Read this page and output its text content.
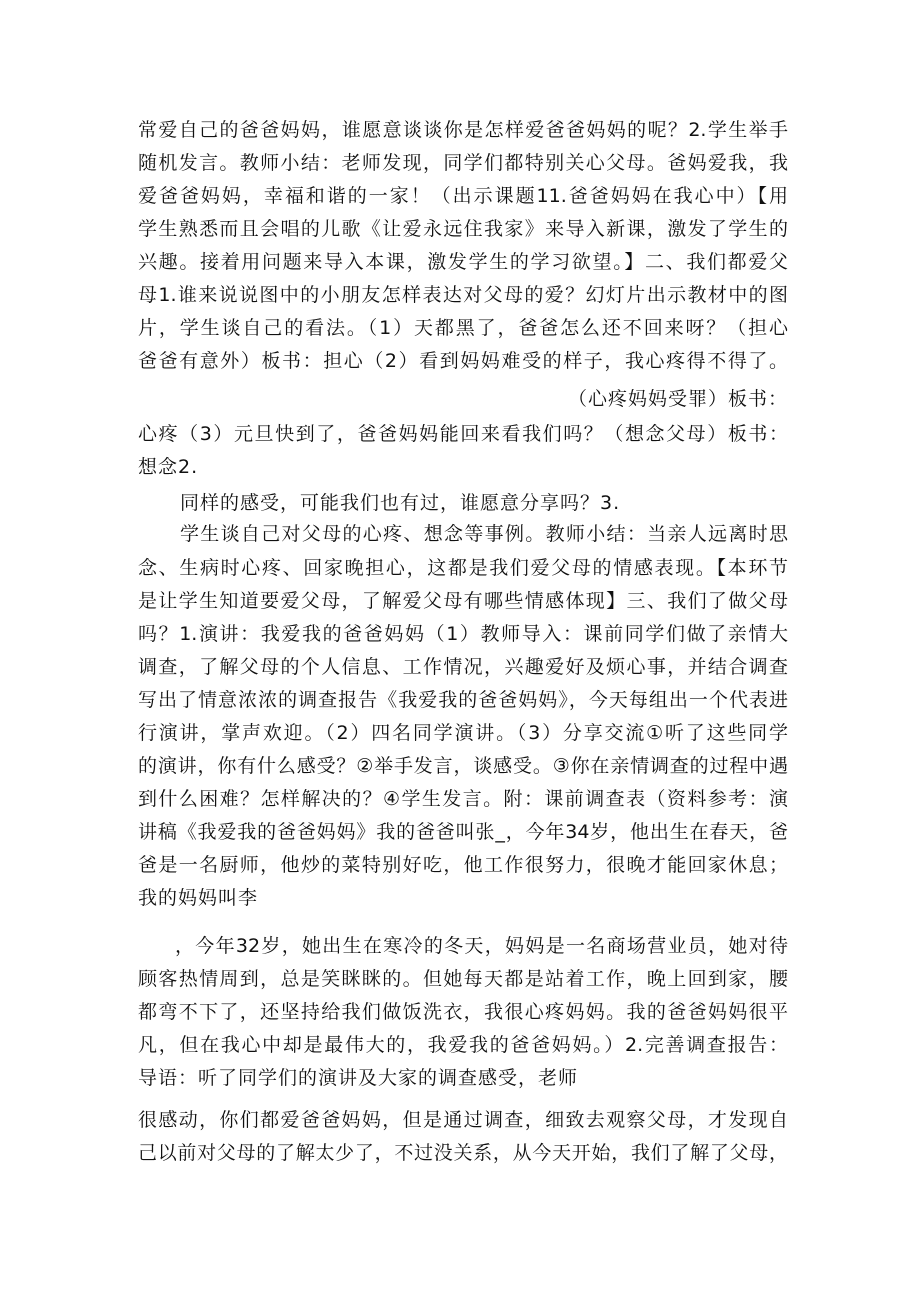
常爱自己的爸爸妈妈，谁愿意谈谈你是怎样爱爸爸妈妈的呢？2.学生举手
随机发言。教师小结：老师发现，同学们都特别关心父母。爸妈爱我，我
爱爸爸妈妈，幸福和谐的一家！（出示课题11.爸爸妈妈在我心中）【用
学生熟悉而且会唱的儿歌《让爱永远住我家》来导入新课，激发了学生的
兴趣。接着用问题来导入本课，激发学生的学习欲望。】二、我们都爱父
母1.谁来说说图中的小朋友怎样表达对父母的爱？幻灯片出示教材中的图
片，学生谈自己的看法。（1）天都黑了，爸爸怎么还不回来呀？（担心
爸爸有意外）板书：担心（2）看到妈妈难受的样子，我心疼得不得了。
（心疼妈妈受罪）板书：
心疼（3）元旦快到了，爸爸妈妈能回来看我们吗？（想念父母）板书：
想念2.
同样的感受，可能我们也有过，谁愿意分享吗？3.
学生谈自己对父母的心疼、想念等事例。教师小结：当亲人远离时思
念、生病时心疼、回家晚担心，这都是我们爱父母的情感表现。【本环节
是让学生知道要爱父母，了解爱父母有哪些情感体现】三、我们了做父母
吗？1.演讲：我爱我的爸爸妈妈（1）教师导入：课前同学们做了亲情大
调查，了解父母的个人信息、工作情况，兴趣爱好及烦心事，并结合调查
写出了情意浓浓的调查报告《我爱我的爸爸妈妈》，今天每组出一个代表进
行演讲，掌声欢迎。（2）四名同学演讲。（3）分享交流①听了这些同学
的演讲，你有什么感受？②举手发言，谈感受。③你在亲情调查的过程中遇
到什么困难？怎样解决的？④学生发言。附：课前调查表（资料参考：演
讲稿《我爱我的爸爸妈妈》我的爸爸叫张_，今年34岁，他出生在春天，爸
爸是一名厨师，他炒的菜特别好吃，他工作很努力，很晚才能回家休息；
我的妈妈叫李
，今年32岁，她出生在寒冷的冬天，妈妈是一名商场营业员，她对待
顾客热情周到，总是笑眯眯的。但她每天都是站着工作，晚上回到家，腰
都弯不下了，还坚持给我们做饭洗衣，我很心疼妈妈。我的爸爸妈妈很平
凡，但在我心中却是最伟大的，我爱我的爸爸妈妈。）2.完善调查报告：
导语：听了同学们的演讲及大家的调查感受，老师
很感动，你们都爱爸爸妈妈，但是通过调查，细致去观察父母，才发现自
己以前对父母的了解太少了，不过没关系，从今天开始，我们了解了父母，
